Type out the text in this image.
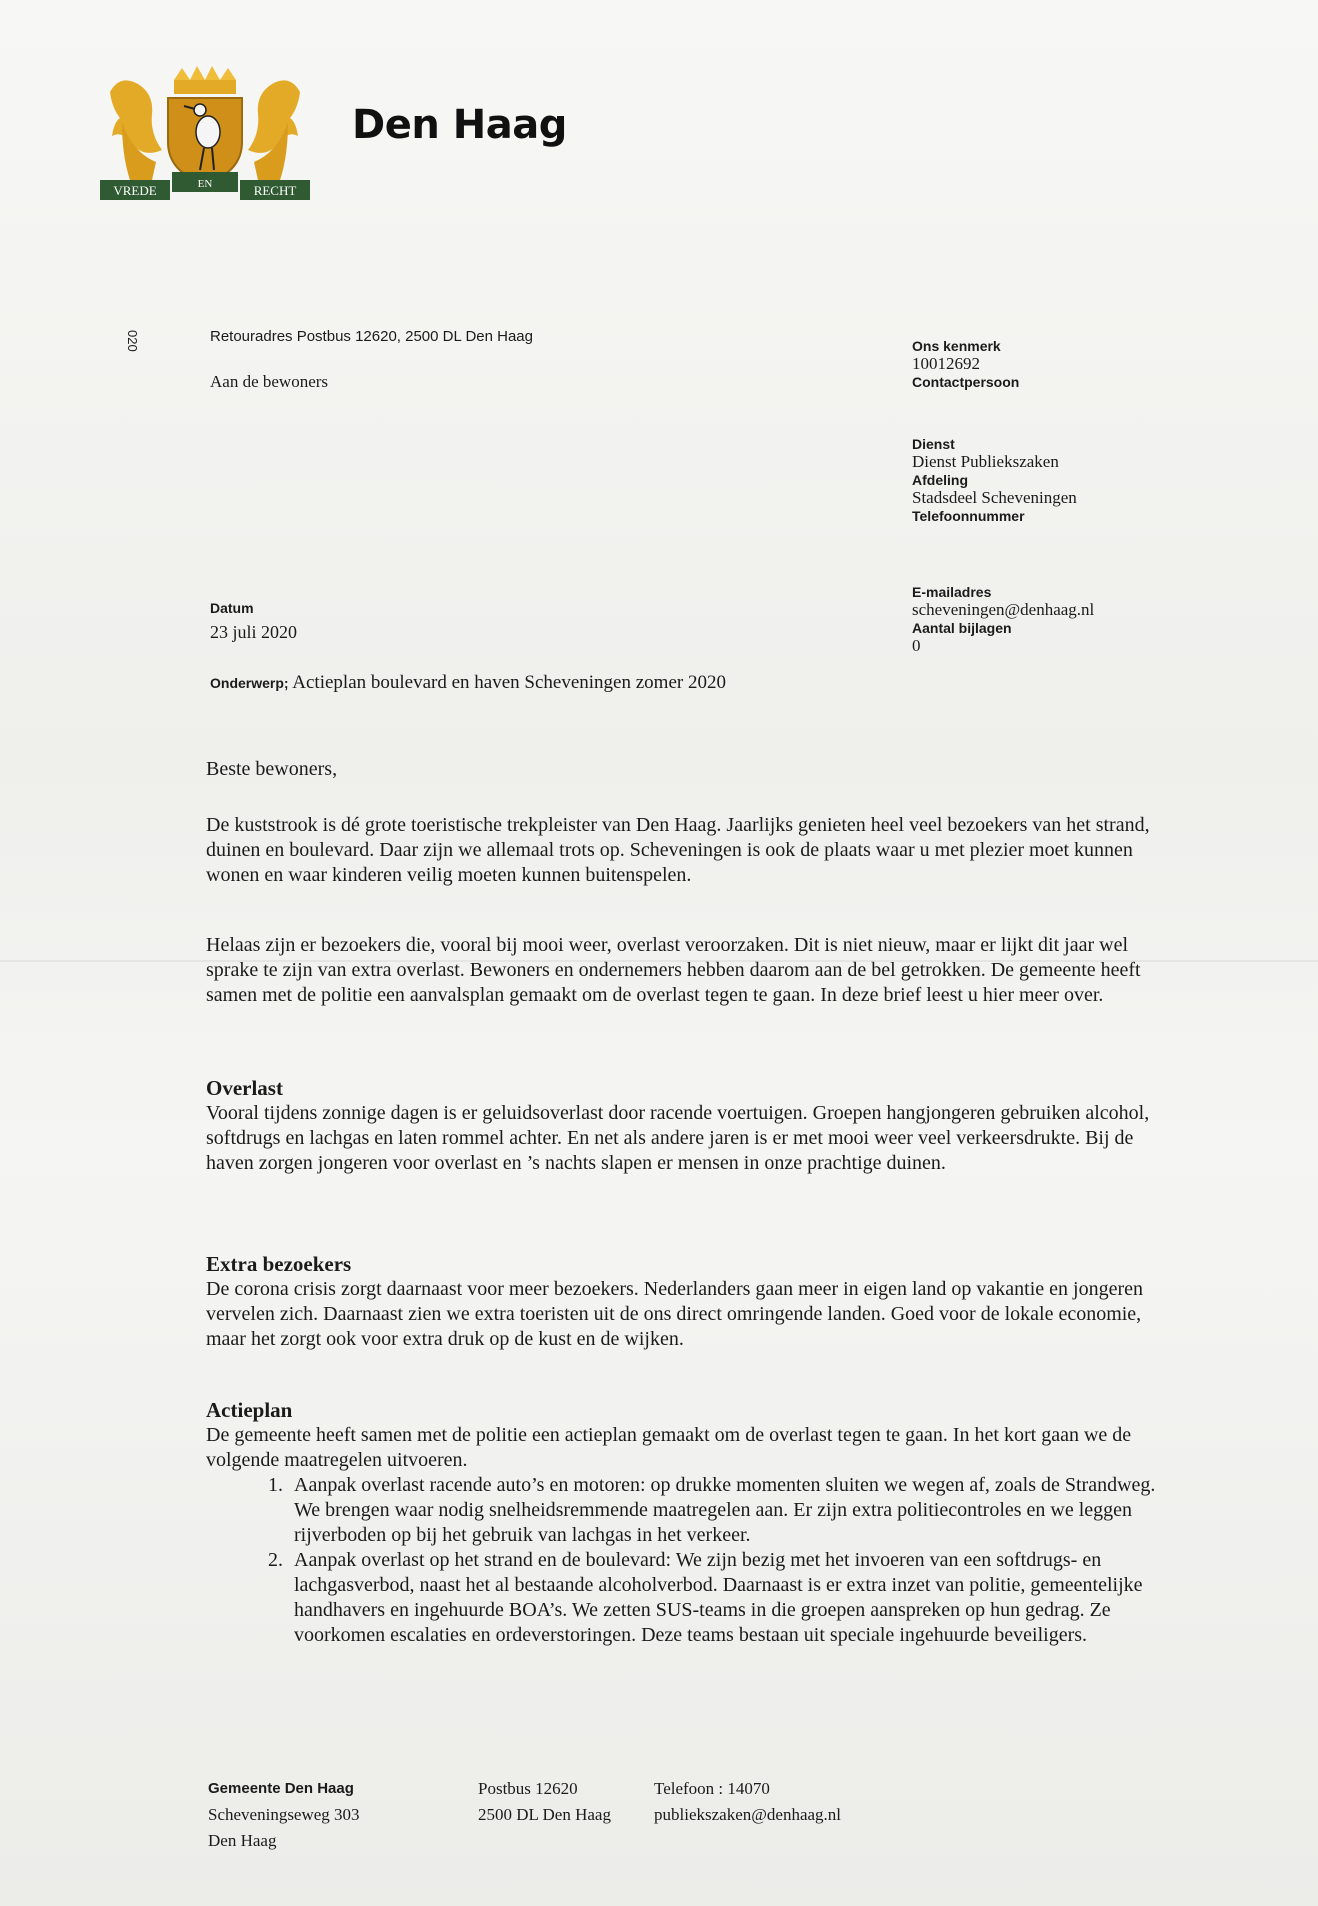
VREDE	EN	RECHT
Den Haag
020	Retouradres Postbus 12620, 2500 DL Den Haag
Aan de bewoners
Ons kenmerk
10012692
Contactpersoon
Dienst
Dienst Publiekszaken
Afdeling
Stadsdeel Scheveningen
Telefoonnummer
E-mailadres
scheveningen@denhaag.nl
Aantal bijlagen
0
Datum
23 juli 2020
Onderwerp; Actieplan boulevard en haven Scheveningen zomer 2020
Beste bewoners,

De kuststrook is dé grote toeristische trekpleister van Den Haag. Jaarlijks genieten heel veel bezoekers van het strand, duinen en boulevard. Daar zijn we allemaal trots op. Scheveningen is ook de plaats waar u met plezier moet kunnen wonen en waar kinderen veilig moeten kunnen buitenspelen.

Helaas zijn er bezoekers die, vooral bij mooi weer, overlast veroorzaken. Dit is niet nieuw, maar er lijkt dit jaar wel sprake te zijn van extra overlast. Bewoners en ondernemers hebben daarom aan de bel getrokken. De gemeente heeft samen met de politie een aanvalsplan gemaakt om de overlast tegen te gaan. In deze brief leest u hier meer over.

Overlast

Vooral tijdens zonnige dagen is er geluidsoverlast door racende voertuigen. Groepen hangjongeren gebruiken alcohol, softdrugs en lachgas en laten rommel achter. En net als andere jaren is er met mooi weer veel verkeersdrukte. Bij de haven zorgen jongeren voor overlast en ’s nachts slapen er mensen in onze prachtige duinen.

Extra bezoekers

De corona crisis zorgt daarnaast voor meer bezoekers. Nederlanders gaan meer in eigen land op vakantie en jongeren vervelen zich. Daarnaast zien we extra toeristen uit de ons direct omringende landen. Goed voor de lokale economie, maar het zorgt ook voor extra druk op de kust en de wijken.

Actieplan

De gemeente heeft samen met de politie een actieplan gemaakt om de overlast tegen te gaan. In het kort gaan we de volgende maatregelen uitvoeren.

1. Aanpak overlast racende auto’s en motoren: op drukke momenten sluiten we wegen af, zoals de Strandweg. We brengen waar nodig snelheidsremmende maatregelen aan. Er zijn extra politiecontroles en we leggen rijverboden op bij het gebruik van lachgas in het verkeer.
2. Aanpak overlast op het strand en de boulevard: We zijn bezig met het invoeren van een softdrugs- en lachgasverbod, naast het al bestaande alcoholverbod. Daarnaast is er extra inzet van politie, gemeentelijke handhavers en ingehuurde BOA’s. We zetten SUS-teams in die groepen aanspreken op hun gedrag. Ze voorkomen escalaties en ordeverstoringen. Deze teams bestaan uit speciale ingehuurde beveiligers.
Gemeente Den Haag
Scheveningseweg 303
Den Haag
Postbus 12620
2500 DL Den Haag
Telefoon : 14070
publiekszaken@denhaag.nl
